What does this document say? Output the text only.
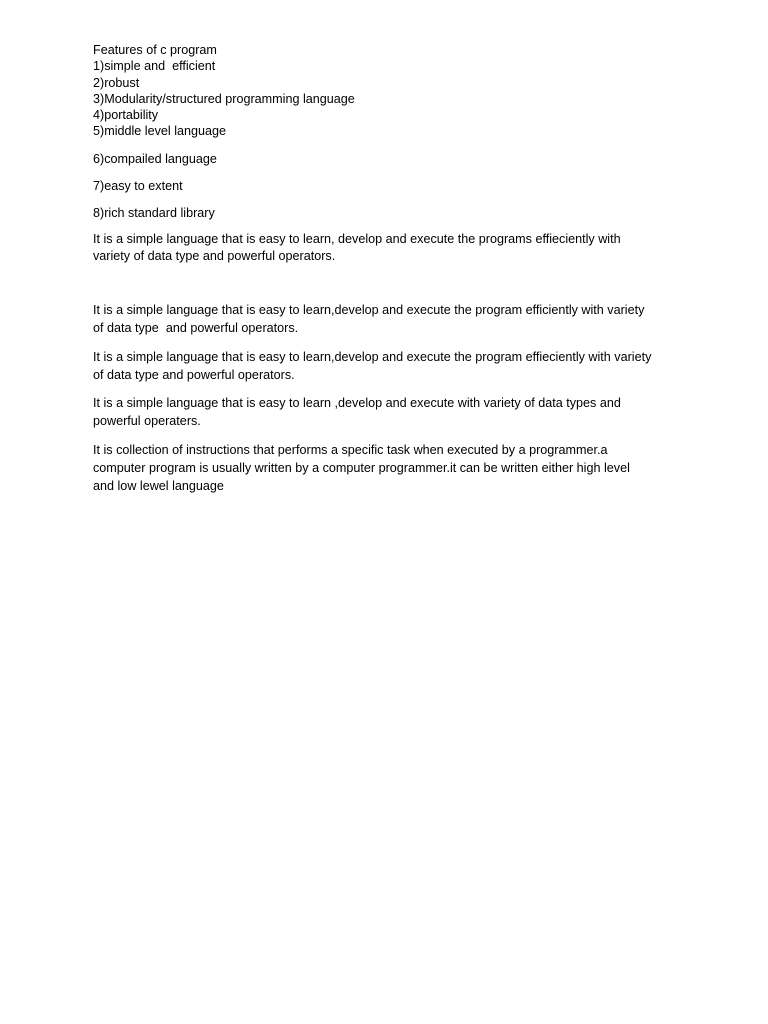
Features of c program
1)simple and  efficient
2)robust
3)Modularity/structured programming language
4)portability
5)middle level language
6)compailed language
7)easy to extent
8)rich standard library
It is a simple language that is easy to learn, develop and execute the programs effieciently with
variety of data type and powerful operators.
It is a simple language that is easy to learn,develop and execute the program efficiently with variety
of data type  and powerful operators.
It is a simple language that is easy to learn,develop and execute the program effieciently with variety
of data type and powerful operators.
It is a simple language that is easy to learn ,develop and execute with variety of data types and
powerful operaters.
It is collection of instructions that performs a specific task when executed by a programmer.a
computer program is usually written by a computer programmer.it can be written either high level
and low lewel language
